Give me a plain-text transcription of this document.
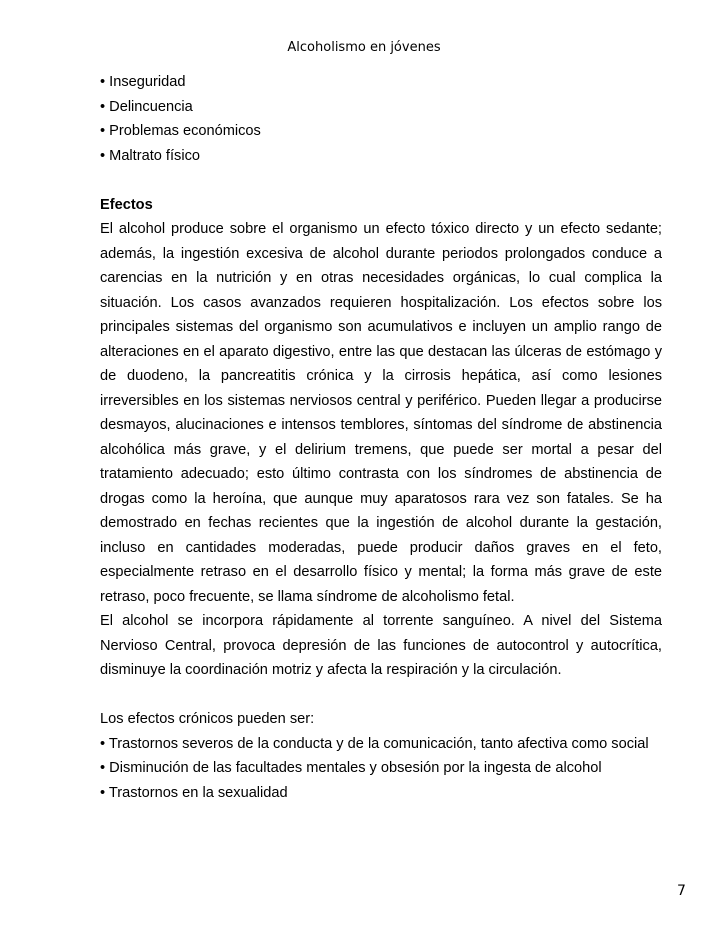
Alcoholismo en jóvenes
• Inseguridad
• Delincuencia
• Problemas económicos
• Maltrato físico
Efectos

El alcohol produce sobre el organismo un efecto tóxico directo y un efecto sedante; además, la ingestión excesiva de alcohol durante periodos prolongados conduce a carencias en la nutrición y en otras necesidades orgánicas, lo cual complica la situación. Los casos avanzados requieren hospitalización. Los efectos sobre los principales sistemas del organismo son acumulativos e incluyen un amplio rango de alteraciones en el aparato digestivo, entre las que destacan las úlceras de estómago y de duodeno, la pancreatitis crónica y la cirrosis hepática, así como lesiones irreversibles en los sistemas nerviosos central y periférico. Pueden llegar a producirse desmayos, alucinaciones e intensos temblores, síntomas del síndrome de abstinencia alcohólica más grave, y el delirium tremens, que puede ser mortal a pesar del tratamiento adecuado; esto último contrasta con los síndromes de abstinencia de drogas como la heroína, que aunque muy aparatosos rara vez son fatales. Se ha demostrado en fechas recientes que la ingestión de alcohol durante la gestación, incluso en cantidades moderadas, puede producir daños graves en el feto, especialmente retraso en el desarrollo físico y mental; la forma más grave de este retraso, poco frecuente, se llama síndrome de alcoholismo fetal.

El alcohol se incorpora rápidamente al torrente sanguíneo. A nivel del Sistema Nervioso Central, provoca depresión de las funciones de autocontrol y autocrítica, disminuye la coordinación motriz y afecta la respiración y la circulación.

Los efectos crónicos pueden ser:
• Trastornos severos de la conducta y de la comunicación, tanto afectiva como social
• Disminución de las facultades mentales y obsesión por la ingesta de alcohol
• Trastornos en la sexualidad
7
